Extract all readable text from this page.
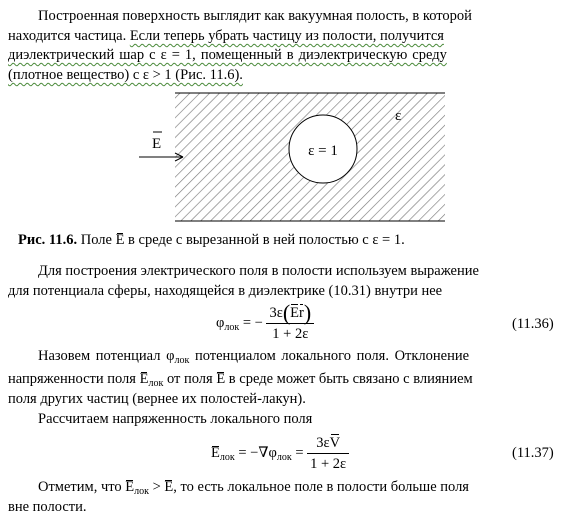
Построенная поверхность выглядит как вакуумная полость, в которой
находится частица. Если теперь убрать частицу из полости, получится
диэлектрический шар с ε = 1, помещенный в диэлектрическую среду
(плотное вещество) с ε > 1 (Рис. 11.6).
ε = 1
ε
E
Рис. 11.6. Поле E в среде с вырезанной в ней полостью с ε = 1.
Для построения электрического поля в полости используем выражение
для потенциала сферы, находящейся в диэлектрике (10.31) внутри нее
$\varphi_{лок}$ = − $\frac{3\varepsilon(Er)}{1 + 2\varepsilon}$	(11.36)
Назовем потенциал $\varphi_{лок}$ потенциалом локального поля. Отклонение
напряженности поля $E_{лок}$ от поля E в среде может быть связано с влиянием
поля других частиц (вернее их полостей-лакун).
Рассчитаем напряженность локального поля
$E_{лок} = -\nabla\varphi_{лок} = \frac{3\varepsilon V}{1 + 2\varepsilon}$	(11.37)
Отметим, что $E_{лок} > E$, то есть локальное поле в полости больше поля
вне полости.
